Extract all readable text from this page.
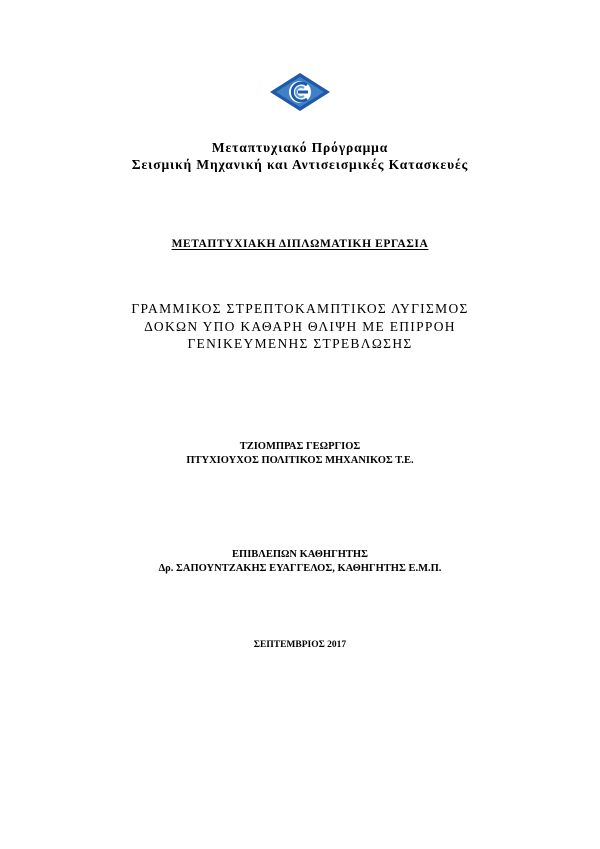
Μεταπτυχιακό Πρόγραμμα
Σεισμική Μηχανική και Αντισεισμικές Κατασκευές
ΜΕΤΑΠΤΥΧΙΑΚΗ ΔΙΠΛΩΜΑΤΙΚΗ ΕΡΓΑΣΙΑ
ΓΡΑΜΜΙΚΟΣ ΣΤΡΕΠΤΟΚΑΜΠΤΙΚΟΣ ΛΥΓΙΣΜΟΣ
ΔΟΚΩΝ ΥΠΟ ΚΑΘΑΡΗ ΘΛΙΨΗ ΜΕ ΕΠΙΡΡΟΗ
ΓΕΝΙΚΕΥΜΕΝΗΣ ΣΤΡΕΒΛΩΣΗΣ
ΤΖΙΟΜΠΡΑΣ ΓΕΩΡΓΙΟΣ
ΠΤΥΧΙΟΥΧΟΣ ΠΟΛΙΤΙΚΟΣ ΜΗΧΑΝΙΚΟΣ Τ.Ε.
ΕΠΙΒΛΕΠΩΝ ΚΑΘΗΓΗΤΗΣ
Δρ. ΣΑΠΟΥΝΤΖΑΚΗΣ ΕΥΑΓΓΕΛΟΣ, ΚΑΘΗΓΗΤΗΣ Ε.Μ.Π.
ΣΕΠΤΕΜΒΡΙΟΣ 2017
